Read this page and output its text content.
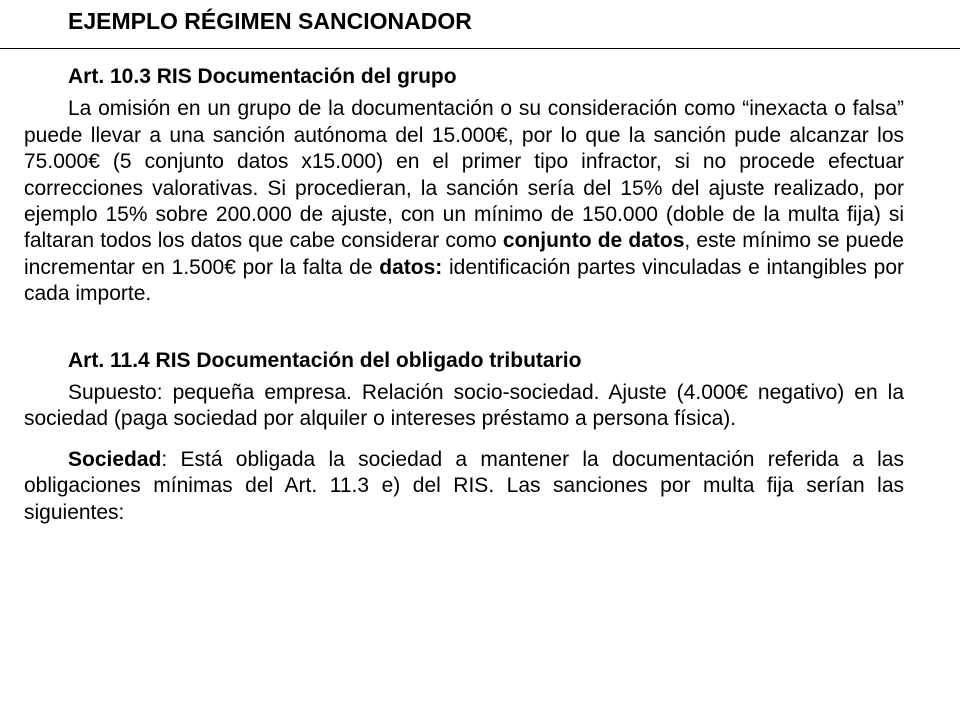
EJEMPLO RÉGIMEN SANCIONADOR

Art. 10.3 RIS Documentación del grupo

La omisión en un grupo de la documentación o su consideración como “inexacta o falsa” puede llevar a una sanción autónoma del 15.000€, por lo que la sanción pude alcanzar los 75.000€ (5 conjunto datos x15.000) en el primer tipo infractor, si no procede efectuar correcciones valorativas. Si procedieran, la sanción sería del 15% del ajuste realizado, por ejemplo 15% sobre 200.000 de ajuste, con un mínimo de 150.000 (doble de la multa fija) si faltaran todos los datos que cabe considerar como conjunto de datos, este mínimo se puede incrementar en 1.500€ por la falta de datos: identificación partes vinculadas e intangibles por cada importe.

Art. 11.4 RIS Documentación del obligado tributario

Supuesto: pequeña empresa. Relación socio-sociedad. Ajuste (4.000€ negativo) en la sociedad (paga sociedad por alquiler o intereses préstamo a persona física).

Sociedad: Está obligada la sociedad a mantener la documentación referida a las obligaciones mínimas del Art. 11.3 e) del RIS. Las sanciones por multa fija serían las siguientes:
